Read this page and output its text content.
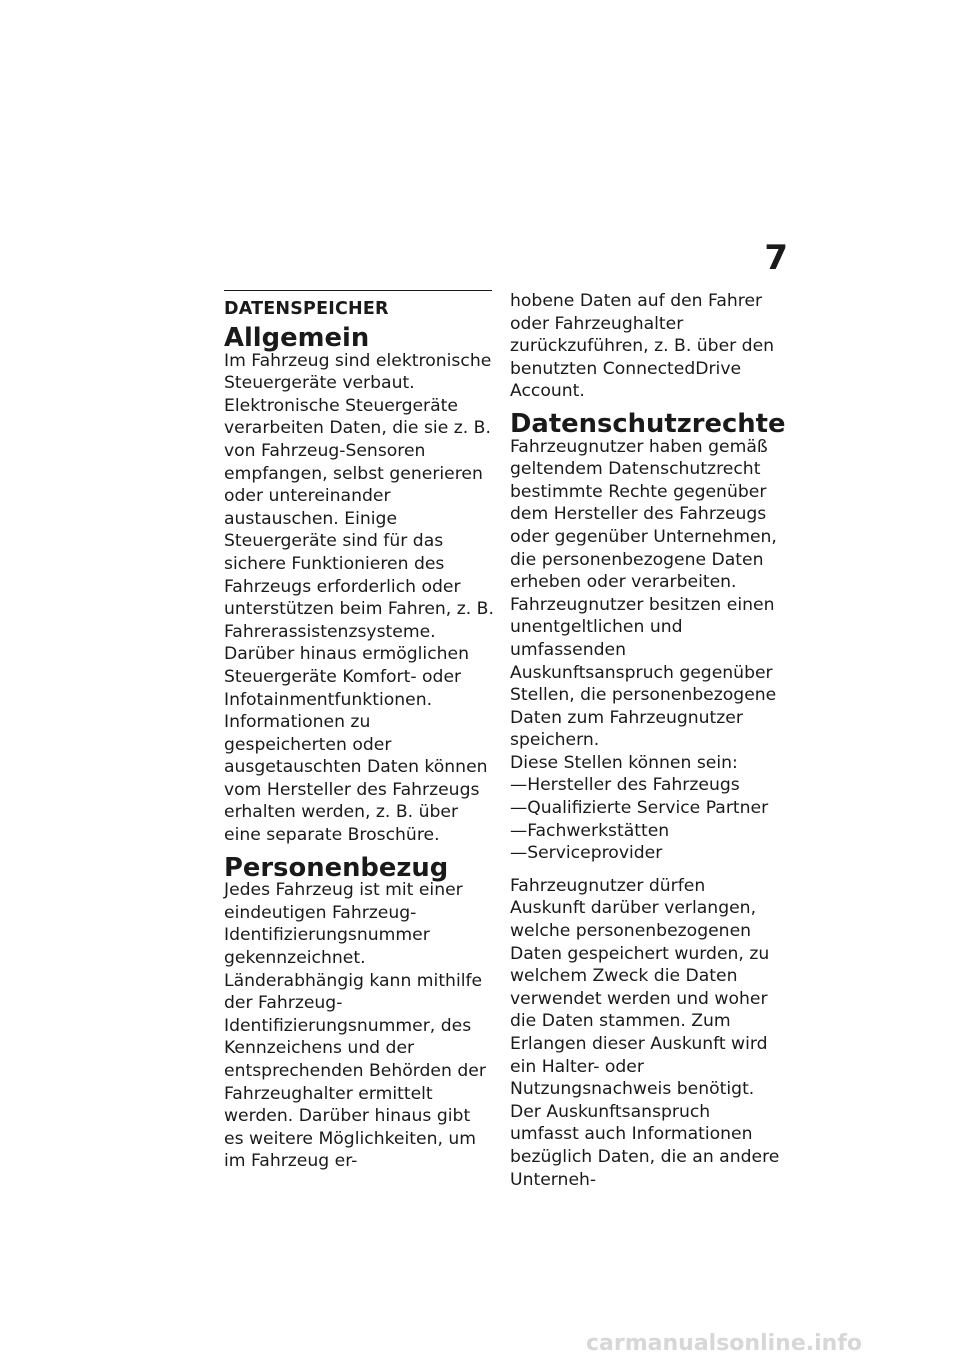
7
DATENSPEICHER
Allgemein

Im Fahrzeug sind elektronische Steuergeräte verbaut. Elektronische Steuergeräte verarbeiten Daten, die sie z. B. von Fahrzeug-Sensoren empfangen, selbst generieren oder untereinander austauschen. Einige Steuergeräte sind für das sichere Funktionieren des Fahrzeugs erforderlich oder unterstützen beim Fahren, z. B. Fahrerassistenzsysteme. Darüber hinaus ermöglichen Steuergeräte Komfort- oder Infotainmentfunktionen.

Informationen zu gespeicherten oder ausgetauschten Daten können vom Hersteller des Fahrzeugs erhalten werden, z. B. über eine separate Broschüre.

Personenbezug

Jedes Fahrzeug ist mit einer eindeutigen Fahrzeug-Identifizierungsnummer gekennzeichnet. Länderabhängig kann mithilfe der Fahrzeug-Identifizierungsnummer, des Kennzeichens und der entsprechenden Behörden der Fahrzeughalter ermittelt werden. Darüber hinaus gibt es weitere Möglichkeiten, um im Fahrzeug er-

hobene Daten auf den Fahrer oder Fahrzeughalter zurückzuführen, z. B. über den benutzten ConnectedDrive Account.

Datenschutzrechte

Fahrzeugnutzer haben gemäß geltendem Datenschutzrecht bestimmte Rechte gegenüber dem Hersteller des Fahrzeugs oder gegenüber Unternehmen, die personenbezogene Daten erheben oder verarbeiten.

Fahrzeugnutzer besitzen einen unentgeltlichen und umfassenden Auskunftsanspruch gegenüber Stellen, die personenbezogene Daten zum Fahrzeugnutzer speichern.

Diese Stellen können sein:

—Hersteller des Fahrzeugs
—Qualifizierte Service Partner
—Fachwerkstätten
—Serviceprovider

Fahrzeugnutzer dürfen Auskunft darüber verlangen, welche personenbezogenen Daten gespeichert wurden, zu welchem Zweck die Daten verwendet werden und woher die Daten stammen. Zum Erlangen dieser Auskunft wird ein Halter- oder Nutzungsnachweis benötigt.

Der Auskunftsanspruch umfasst auch Informationen bezüglich Daten, die an andere Unterneh-

carmanualsonline.info
